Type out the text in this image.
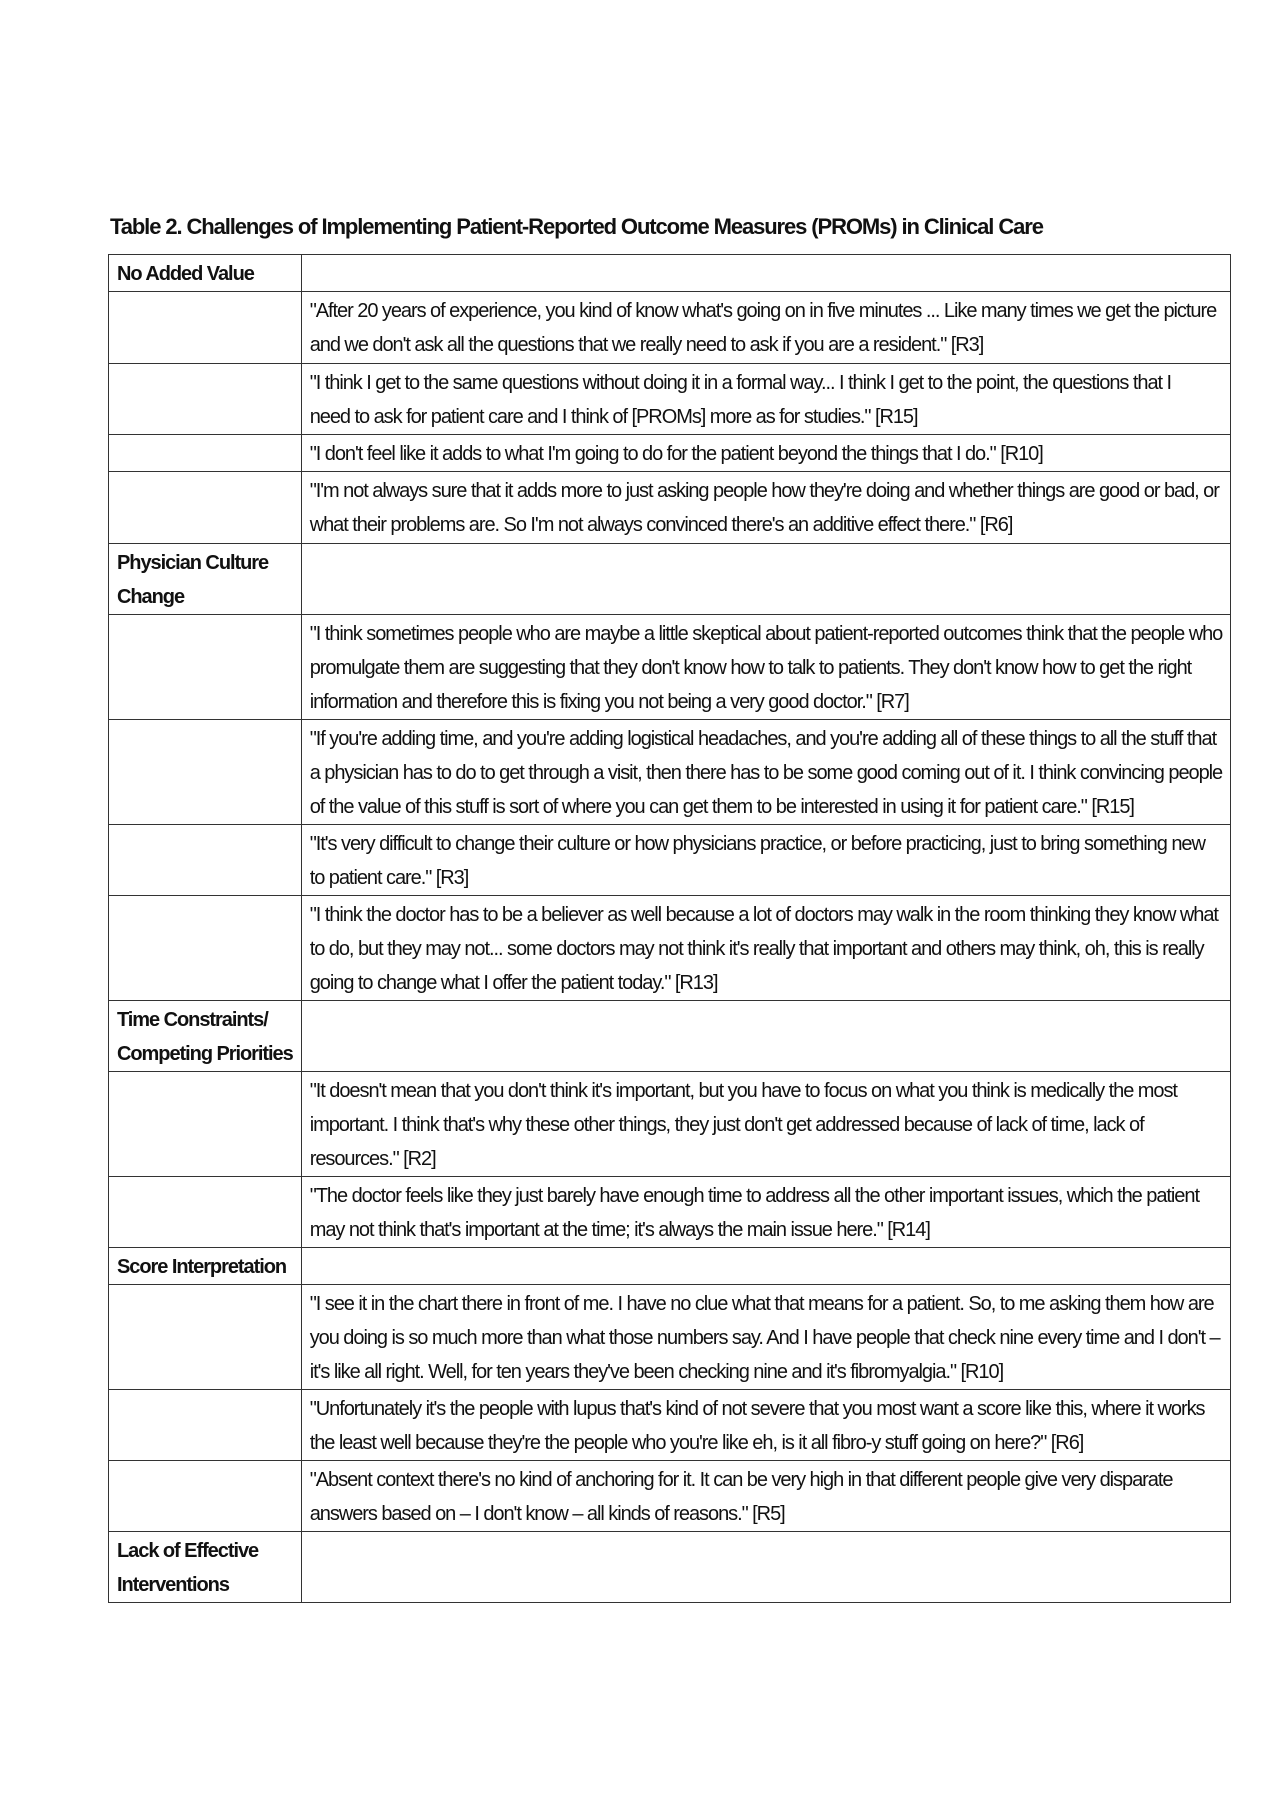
Table 2. Challenges of Implementing Patient-Reported Outcome Measures (PROMs) in Clinical Care
No Added Value	

	"After 20 years of experience, you kind of know what's going on in five minutes ... Like many times we get the picture
and we don't ask all the questions that we really need to ask if you are a resident." [R3]

	"I think I get to the same questions without doing it in a formal way... I think I get to the point, the questions that I
need to ask for patient care and I think of [PROMs] more as for studies." [R15]

	"I don't feel like it adds to what I'm going to do for the patient beyond the things that I do." [R10]

	"I'm not always sure that it adds more to just asking people how they're doing and whether things are good or bad, or
what their problems are. So I'm not always convinced there's an additive effect there." [R6]

Physician Culture
Change	

	"I think sometimes people who are maybe a little skeptical about patient-reported outcomes think that the people who
promulgate them are suggesting that they don't know how to talk to patients. They don't know how to get the right
information and therefore this is fixing you not being a very good doctor." [R7]

	"If you're adding time, and you're adding logistical headaches, and you're adding all of these things to all the stuff that
a physician has to do to get through a visit, then there has to be some good coming out of it. I think convincing people
of the value of this stuff is sort of where you can get them to be interested in using it for patient care." [R15]

	"It's very difficult to change their culture or how physicians practice, or before practicing, just to bring something new
to patient care." [R3]

	"I think the doctor has to be a believer as well because a lot of doctors may walk in the room thinking they know what
to do, but they may not... some doctors may not think it's really that important and others may think, oh, this is really
going to change what I offer the patient today." [R13]

Time Constraints/
Competing Priorities	

	"It doesn't mean that you don't think it's important, but you have to focus on what you think is medically the most
important. I think that's why these other things, they just don't get addressed because of lack of time, lack of
resources." [R2]

	"The doctor feels like they just barely have enough time to address all the other important issues, which the patient
may not think that's important at the time; it's always the main issue here." [R14]

Score Interpretation	

	"I see it in the chart there in front of me. I have no clue what that means for a patient. So, to me asking them how are
you doing is so much more than what those numbers say. And I have people that check nine every time and I don't –
it's like all right. Well, for ten years they've been checking nine and it's fibromyalgia." [R10]

	"Unfortunately it's the people with lupus that's kind of not severe that you most want a score like this, where it works
the least well because they're the people who you're like eh, is it all fibro-y stuff going on here?" [R6]

	"Absent context there's no kind of anchoring for it. It can be very high in that different people give very disparate
answers based on – I don't know – all kinds of reasons." [R5]

Lack of Effective
Interventions	
